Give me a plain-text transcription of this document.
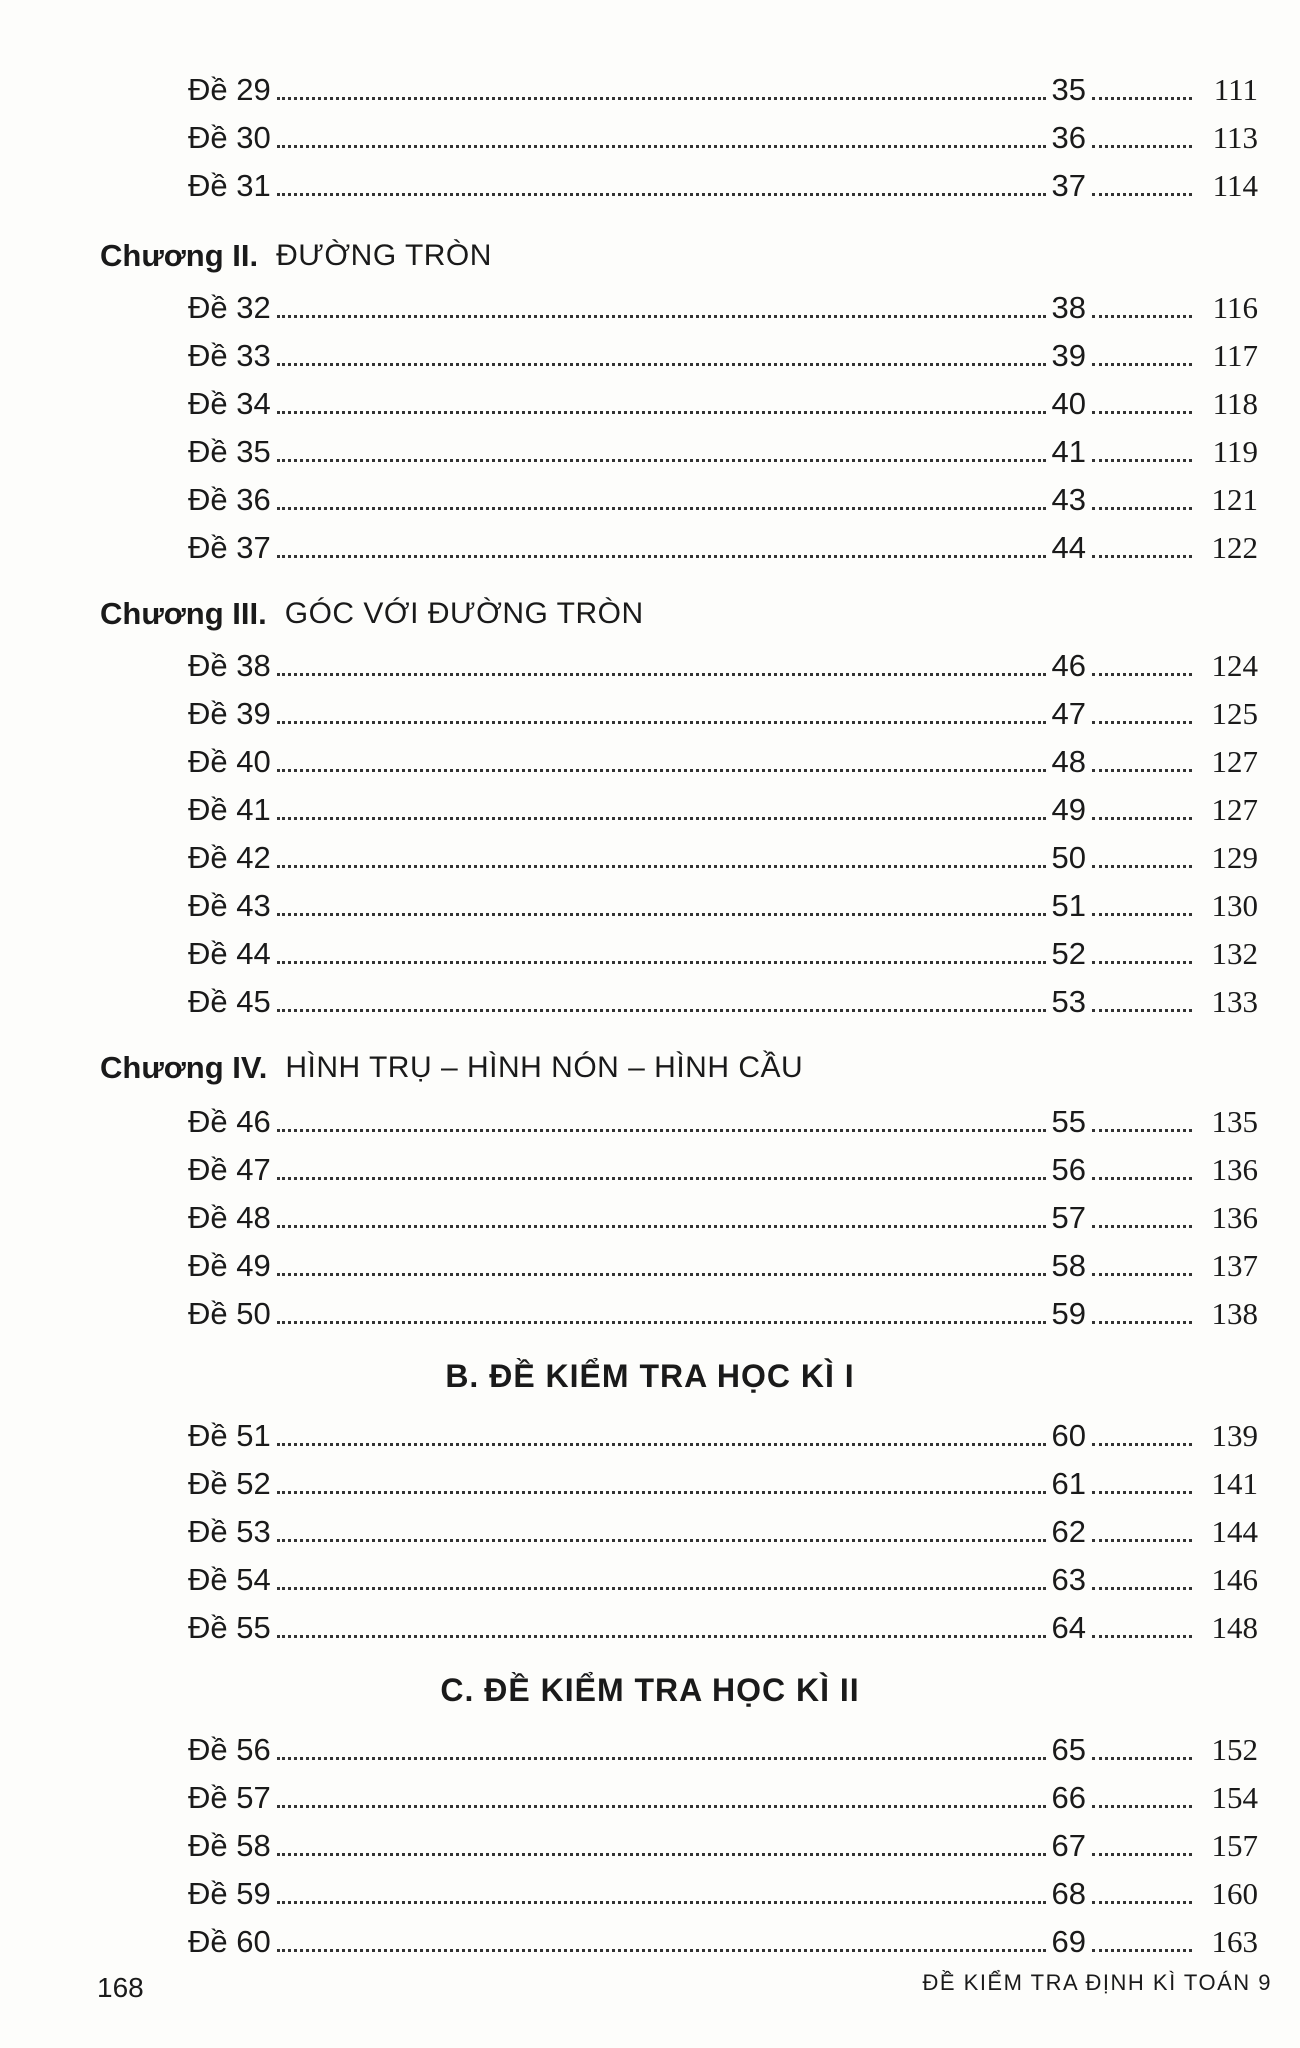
Đề 29	35	111
Đề 30	36	113
Đề 31	37	114
Chương II. ĐƯỜNG TRÒN
Đề 32	38	116
Đề 33	39	117
Đề 34	40	118
Đề 35	41	119
Đề 36	43	121
Đề 37	44	122
Chương III. GÓC VỚI ĐƯỜNG TRÒN
Đề 38	46	124
Đề 39	47	125
Đề 40	48	127
Đề 41	49	127
Đề 42	50	129
Đề 43	51	130
Đề 44	52	132
Đề 45	53	133
Chương IV. HÌNH TRỤ – HÌNH NÓN – HÌNH CẦU
Đề 46	55	135
Đề 47	56	136
Đề 48	57	136
Đề 49	58	137
Đề 50	59	138
B. ĐỀ KIỂM TRA HỌC KÌ I
Đề 51	60	139
Đề 52	61	141
Đề 53	62	144
Đề 54	63	146
Đề 55	64	148
C. ĐỀ KIỂM TRA HỌC KÌ II
Đề 56	65	152
Đề 57	66	154
Đề 58	67	157
Đề 59	68	160
Đề 60	69	163
168	ĐỀ KIỂM TRA ĐỊNH KÌ TOÁN 9
